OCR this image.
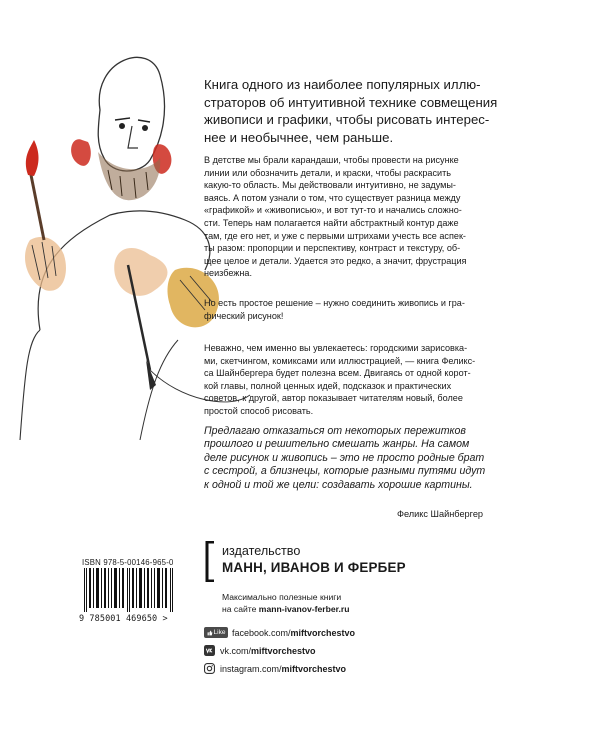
Книга одного из наиболее популярных иллю-
страторов об интуитивной технике совмещения
живописи и графики, чтобы рисовать интерес-
нее и необычнее, чем раньше.

В детстве мы брали карандаши, чтобы провести на рисунке
линии или обозначить детали, и краски, чтобы раскрасить
какую-то область. Мы действовали интуитивно, не задумы-
ваясь. А потом узнали о том, что существует разница между
«графикой» и «живописью», и вот тут-то и начались сложно-
сти. Теперь нам полагается найти абстрактный контур даже
там, где его нет, и уже с первыми штрихами учесть все аспек-
ты разом: пропорции и перспективу, контраст и текстуру, об-
щее целое и детали. Удается это редко, а значит, фрустрация
неизбежна.

Но есть простое решение – нужно соединить живопись и гра-
фический рисунок!

Неважно, чем именно вы увлекаетесь: городскими зарисовка-
ми, скетчингом, комиксами или иллюстрацией, — книга Феликс-
са Шайнбергера будет полезна всем. Двигаясь от одной корот-
кой главы, полной ценных идей, подсказок и практических
советов, к другой, автор показывает читателям новый, более
простой способ рисовать.

Предлагаю отказаться от некоторых пережитков
прошлого и решительно смешать жанры. На самом
деле рисунок и живопись – это не просто родные брат
с сестрой, а близнецы, которые разными путями идут
к одной и той же цели: создавать хорошие картины.

Феликс Шайнбергер
ISBN 978-5-00146-965-0
9 785001 469650 >
издательство
МАНН, ИВАНОВ И ФЕРБЕР
Максимально полезные книги
на сайте mann-ivanov-ferber.ru
Like facebook.com/ miftvorchestvo
vk.com/ miftvorchestvo
instagram.com/ miftvorchestvo
